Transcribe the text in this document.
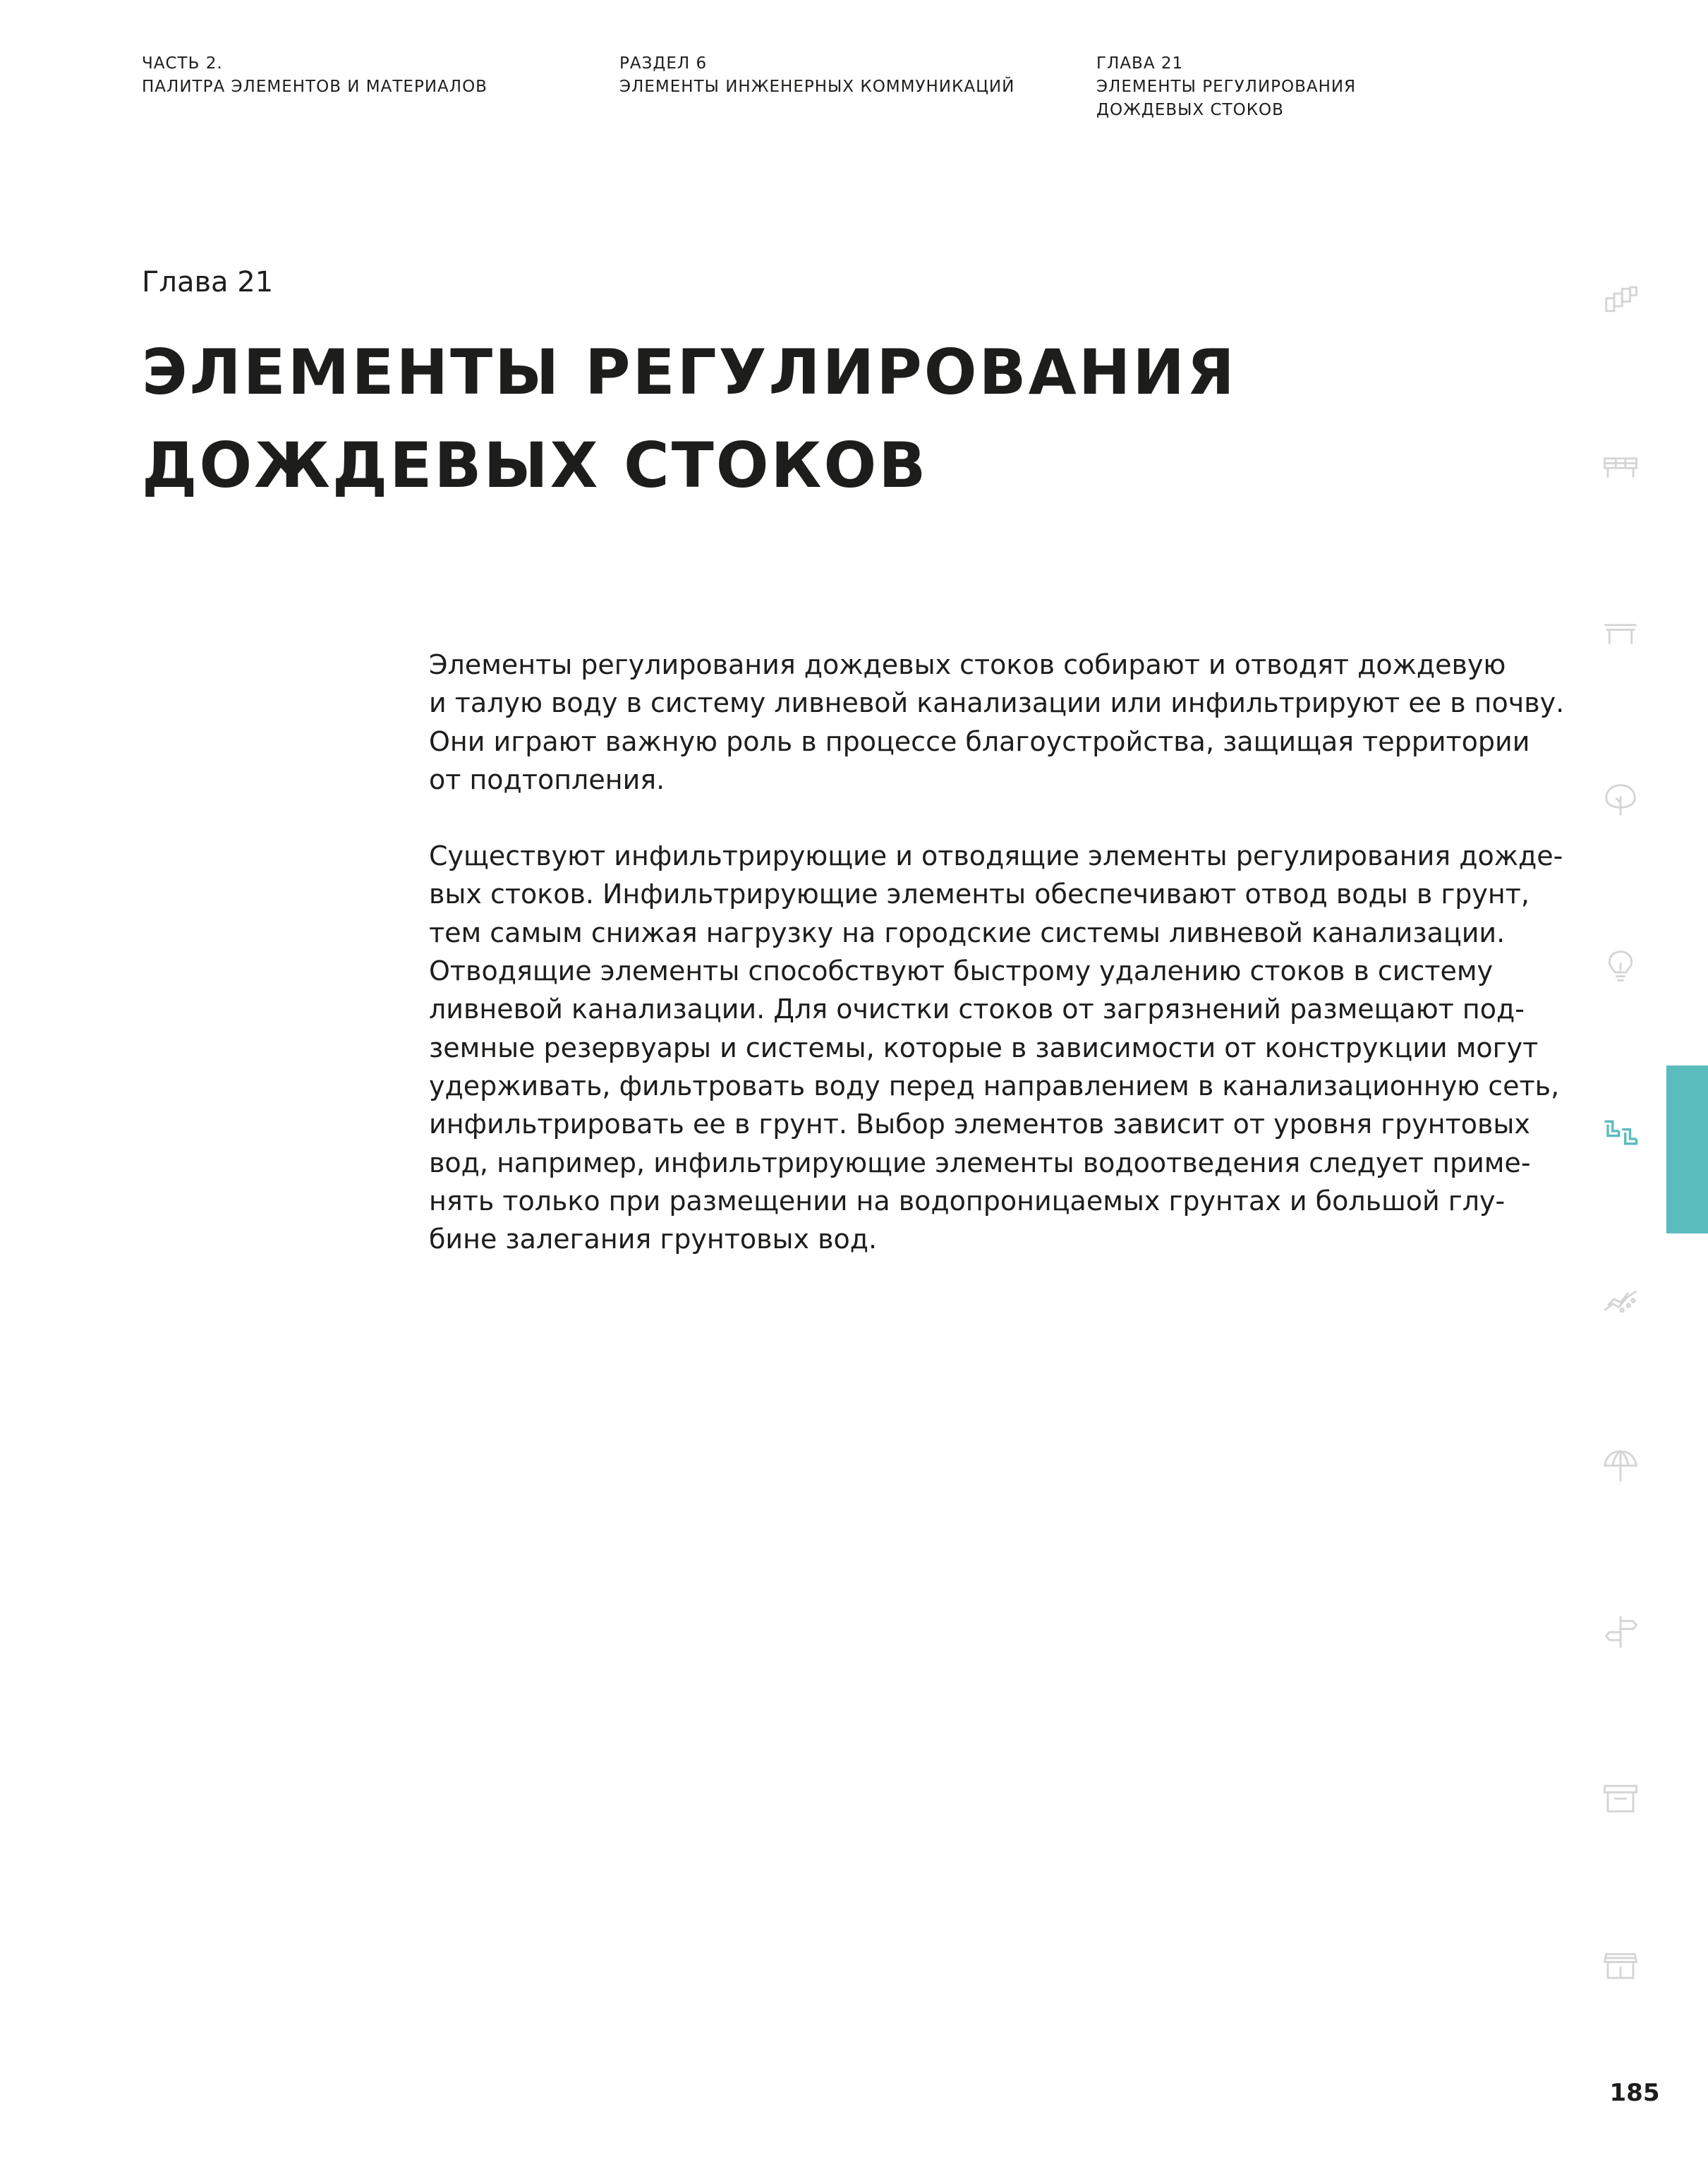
ЧАСТЬ 2.
ПАЛИТРА ЭЛЕМЕНТОВ И МАТЕРИАЛОВ
РАЗДЕЛ 6
ЭЛЕМЕНТЫ ИНЖЕНЕРНЫХ КОММУНИКАЦИЙ
ГЛАВА 21
ЭЛЕМЕНТЫ РЕГУЛИРОВАНИЯ
ДОЖДЕВЫХ СТОКОВ
Глава 21
ЭЛЕМЕНТЫ РЕГУЛИРОВАНИЯ
ДОЖДЕВЫХ СТОКОВ

Элементы регулирования дождевых стоков собирают и отводят дождевую
и талую воду в систему ливневой канализации или инфильтрируют ее в почву.
Они играют важную роль в процессе благоустройства, защищая территории
от подтопления.

Существуют инфильтрирующие и отводящие элементы регулирования дожде-
вых стоков. Инфильтрирующие элементы обеспечивают отвод воды в грунт,
тем самым снижая нагрузку на городские системы ливневой канализации.
Отводящие элементы способствуют быстрому удалению стоков в систему
ливневой канализации. Для очистки стоков от загрязнений размещают под-
земные резервуары и системы, которые в зависимости от конструкции могут
удерживать, фильтровать воду перед направлением в канализационную сеть,
инфильтрировать ее в грунт. Выбор элементов зависит от уровня грунтовых
вод, например, инфильтрирующие элементы водоотведения следует приме-
нять только при размещении на водопроницаемых грунтах и большой глу-
бине залегания грунтовых вод.

185
